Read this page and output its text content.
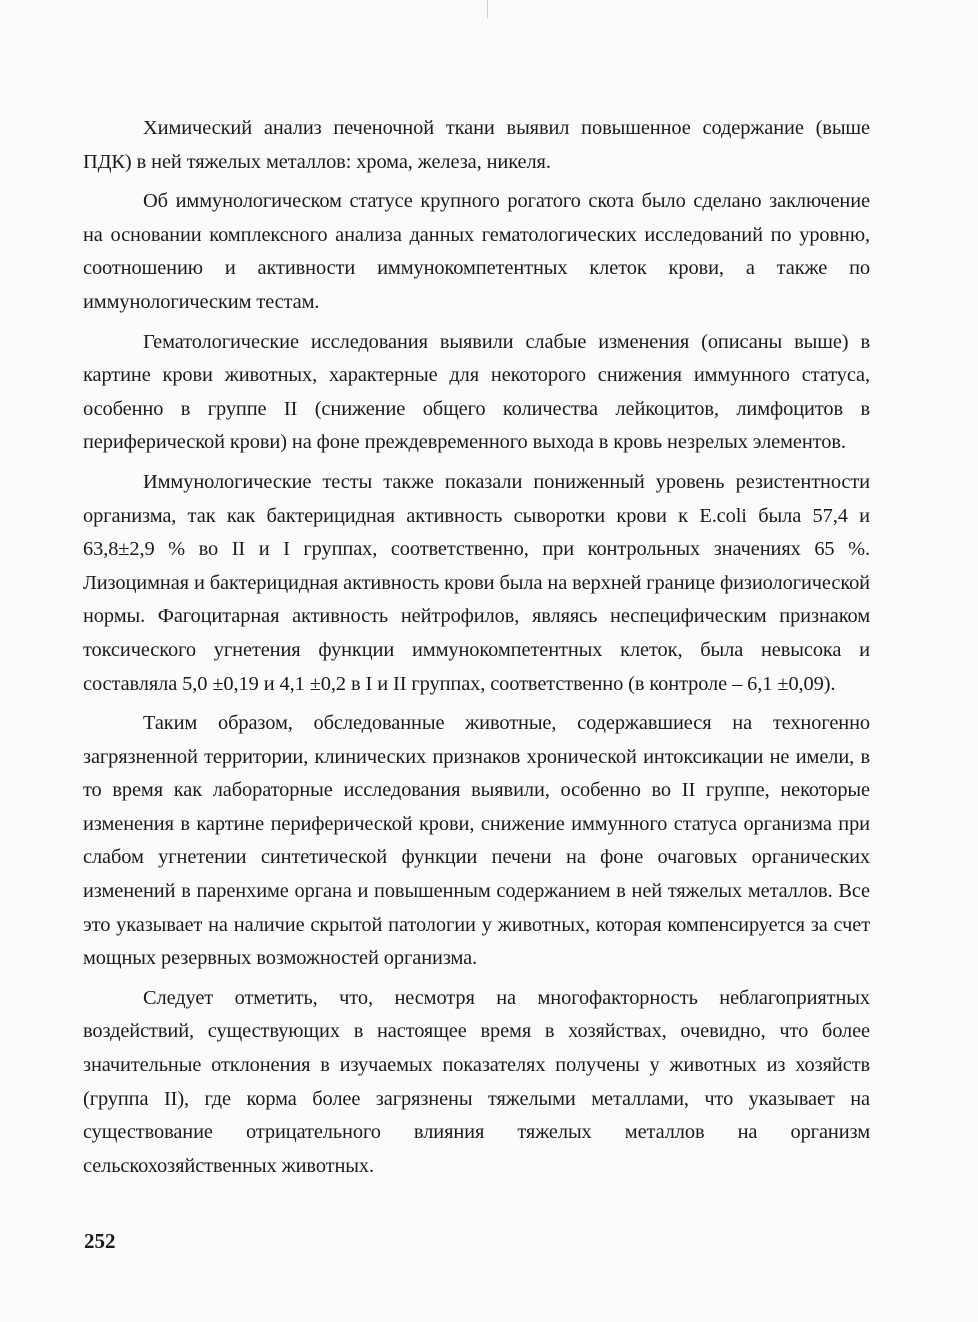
Химический анализ печеночной ткани выявил повышенное содержание (выше ПДК) в ней тяжелых металлов: хрома, железа, никеля.

Об иммунологическом статусе крупного рогатого скота было сделано заключение на основании комплексного анализа данных гематологических исследований по уровню, соотношению и активности иммунокомпетентных клеток крови, а также по иммунологическим тестам.

Гематологические исследования выявили слабые изменения (описаны выше) в картине крови животных, характерные для некоторого снижения иммунного статуса, особенно в группе II (снижение общего количества лейкоцитов, лимфоцитов в периферической крови) на фоне преждевременного выхода в кровь незрелых элементов.

Иммунологические тесты также показали пониженный уровень резистентности организма, так как бактерицидная активность сыворотки крови к E.coli была 57,4 и 63,8±2,9 % во II и I группах, соответственно, при контрольных значениях 65 %. Лизоцимная и бактерицидная активность крови была на верхней границе физиологической нормы. Фагоцитарная активность нейтрофилов, являясь неспецифическим признаком токсического угнетения функции иммунокомпетентных клеток, была невысока и составляла 5,0 ±0,19 и 4,1 ±0,2 в I и II группах, соответственно (в контроле – 6,1 ±0,09).

Таким образом, обследованные животные, содержавшиеся на техногенно загрязненной территории, клинических признаков хронической интоксикации не имели, в то время как лабораторные исследования выявили, особенно во II группе, некоторые изменения в картине периферической крови, снижение иммунного статуса организма при слабом угнетении синтетической функции печени на фоне очаговых органических изменений в паренхиме органа и повышенным содержанием в ней тяжелых металлов. Все это указывает на наличие скрытой патологии у животных, которая компенсируется за счет мощных резервных возможностей организма.

Следует отметить, что, несмотря на многофакторность неблагоприятных воздействий, существующих в настоящее время в хозяйствах, очевидно, что более значительные отклонения в изучаемых показателях получены у животных из хозяйств (группа II), где корма более загрязнены тяжелыми металлами, что указывает на существование отрицательного влияния тяжелых металлов на организм сельскохозяйственных животных.

252
